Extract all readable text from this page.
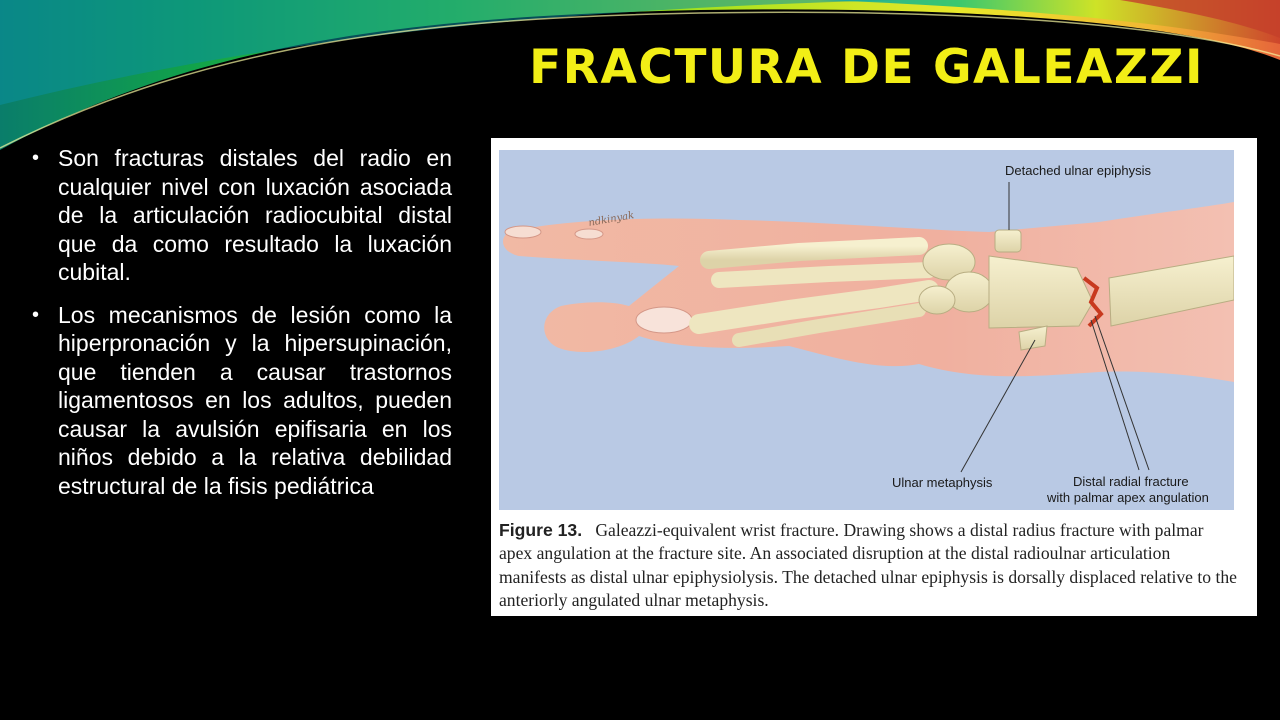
FRACTURA DE GALEAZZI
• Son fracturas distales del radio en cualquier nivel con luxación asociada de la articulación radiocubital distal que da como resultado la luxación cubital.
• Los mecanismos de lesión como la hiperpronación y la hipersupinación, que tienden a causar trastornos ligamentosos en los adultos, pueden causar la avulsión epifisaria en los niños debido a la relativa debilidad estructural de la fisis pediátrica
Detached ulnar epiphysis
Ulnar metaphysis	Distal radial fracture
with palmar apex angulation
ndkinyak
Figure 13. Galeazzi-equivalent wrist fracture. Drawing shows a distal radius fracture with palmar apex angulation at the fracture site. An associated disruption at the distal radioulnar articulation manifests as distal ulnar epiphysiolysis. The detached ulnar epiphysis is dorsally displaced relative to the anteriorly angulated ulnar metaphysis.
